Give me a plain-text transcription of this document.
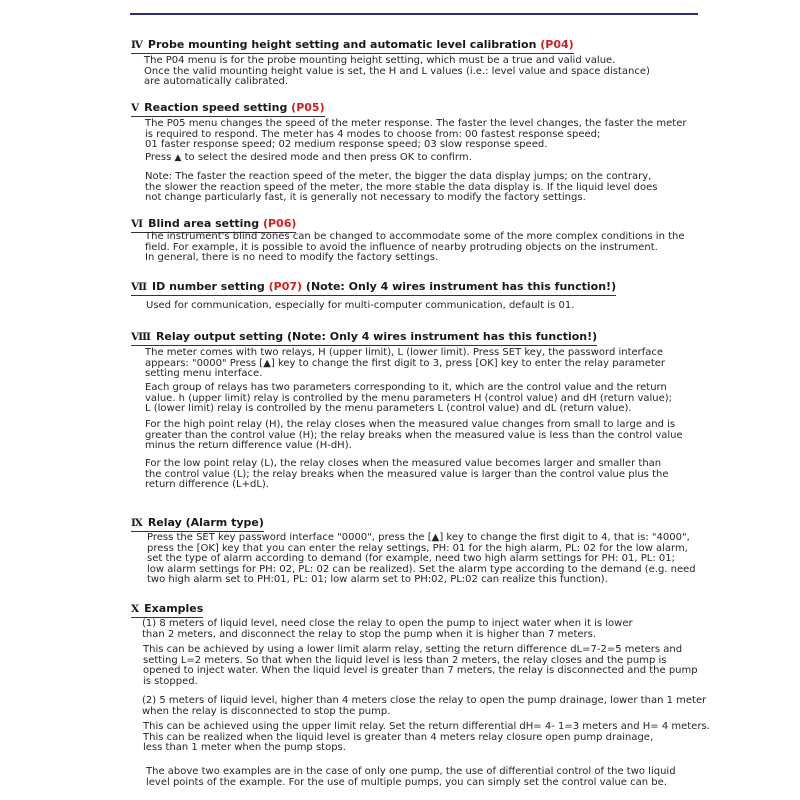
Ⅳ Probe mounting height setting and automatic level calibration (P04)
The P04 menu is for the probe mounting height setting, which must be a true and valid value.
Once the valid mounting height value is set, the H and L values (i.e.: level value and space distance)
are automatically calibrated.
Ⅴ Reaction speed setting (P05)
The P05 menu changes the speed of the meter response. The faster the level changes, the faster the meter
is required to respond. The meter has 4 modes to choose from: 00 fastest response speed;
01 faster response speed; 02 medium response speed; 03 slow response speed.
Press ▲ to select the desired mode and then press OK to confirm.
Note: The faster the reaction speed of the meter, the bigger the data display jumps; on the contrary,
the slower the reaction speed of the meter, the more stable the data display is. If the liquid level does
not change particularly fast, it is generally not necessary to modify the factory settings.
Ⅵ Blind area setting (P06)
The instrument's blind zones can be changed to accommodate some of the more complex conditions in the
field. For example, it is possible to avoid the influence of nearby protruding objects on the instrument.
In general, there is no need to modify the factory settings.
Ⅶ ID number setting (P07) (Note: Only 4 wires instrument has this function!)
Used for communication, especially for multi-computer communication, default is 01.
Ⅷ Relay output setting (Note: Only 4 wires instrument has this function!)
The meter comes with two relays, H (upper limit), L (lower limit). Press SET key, the password interface
appears: "0000" Press [▲] key to change the first digit to 3, press [OK] key to enter the relay parameter
setting menu interface.
Each group of relays has two parameters corresponding to it, which are the control value and the return
value. h (upper limit) relay is controlled by the menu parameters H (control value) and dH (return value);
L (lower limit) relay is controlled by the menu parameters L (control value) and dL (return value).
For the high point relay (H), the relay closes when the measured value changes from small to large and is
greater than the control value (H); the relay breaks when the measured value is less than the control value
minus the return difference value (H-dH).
For the low point relay (L), the relay closes when the measured value becomes larger and smaller than
the control value (L); the relay breaks when the measured value is larger than the control value plus the
return difference (L+dL).
Ⅸ Relay (Alarm type)
Press the SET key password interface "0000", press the [▲] key to change the first digit to 4, that is: "4000",
press the [OK] key that you can enter the relay settings, PH: 01 for the high alarm, PL: 02 for the low alarm,
set the type of alarm according to demand (for example, need two high alarm settings for PH: 01, PL: 01;
low alarm settings for PH: 02, PL: 02 can be realized). Set the alarm type according to the demand (e.g. need
two high alarm set to PH:01, PL: 01; low alarm set to PH:02, PL:02 can realize this function).
Ⅹ Examples
(1) 8 meters of liquid level, need close the relay to open the pump to inject water when it is lower
than 2 meters, and disconnect the relay to stop the pump when it is higher than 7 meters.
This can be achieved by using a lower limit alarm relay, setting the return difference dL=7-2=5 meters and
setting L=2 meters. So that when the liquid level is less than 2 meters, the relay closes and the pump is
opened to inject water. When the liquid level is greater than 7 meters, the relay is disconnected and the pump
is stopped.
(2) 5 meters of liquid level, higher than 4 meters close the relay to open the pump drainage, lower than 1 meter
when the relay is disconnected to stop the pump.
This can be achieved using the upper limit relay. Set the return differential dH= 4- 1=3 meters and H= 4 meters.
This can be realized when the liquid level is greater than 4 meters relay closure open pump drainage,
less than 1 meter when the pump stops.
The above two examples are in the case of only one pump, the use of differential control of the two liquid
level points of the example. For the use of multiple pumps, you can simply set the control value can be.
